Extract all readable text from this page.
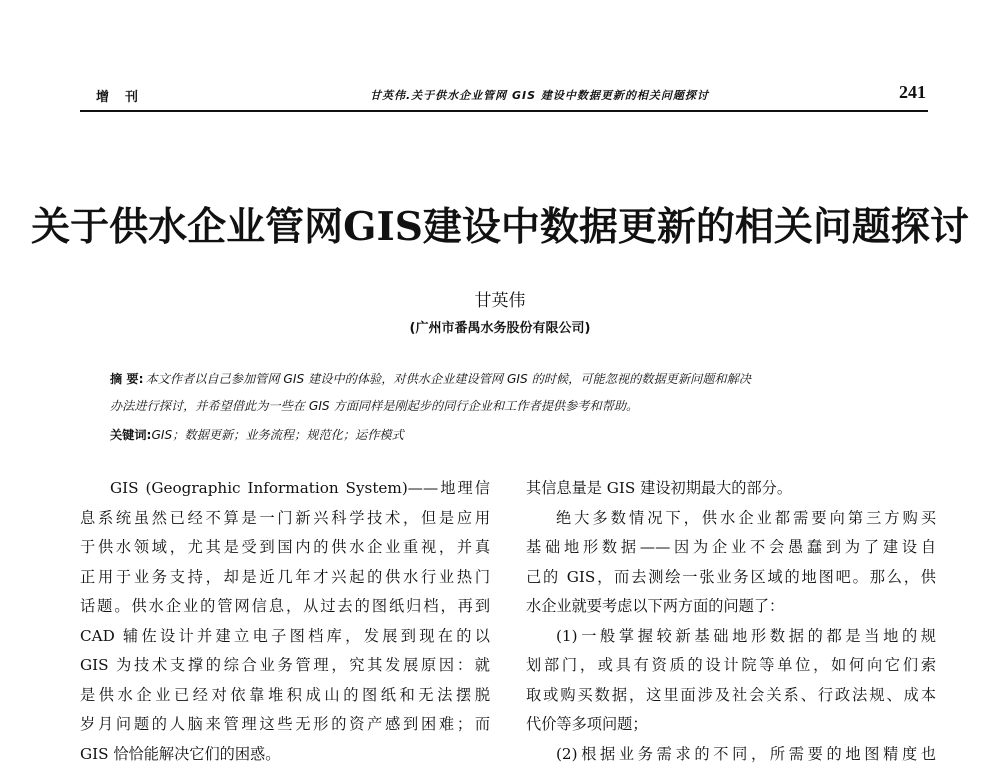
增刊	甘英伟.关于供水企业管网 GIS 建设中数据更新的相关问题探讨	241
关于供水企业管网GIS建设中数据更新的相关问题探讨
甘英伟
(广州市番禺水务股份有限公司)
摘 要: 本文作者以自己参加管网 GIS 建设中的体验，对供水企业建设管网 GIS 的时候，可能忽视的数据更新问题和解决
办法进行探讨，并希望借此为一些在 GIS 方面同样是刚起步的同行企业和工作者提供参考和帮助。
关键词:GIS；数据更新；业务流程；规范化；运作模式
GIS (Geographic Information System)——地理信
息系统虽然已经不算是一门新兴科学技术，但是应用
于供水领域，尤其是受到国内的供水企业重视，并真
正用于业务支持，却是近几年才兴起的供水行业热门
话题。供水企业的管网信息，从过去的图纸归档，再到
CAD 辅佐设计并建立电子图档库，发展到现在的以
GIS 为技术支撑的综合业务管理，究其发展原因：就
是供水企业已经对依靠堆积成山的图纸和无法摆脱
岁月问题的人脑来管理这些无形的资产感到困难；而
GIS 恰恰能解决它们的困惑。
其信息量是 GIS 建设初期最大的部分。
绝大多数情况下，供水企业都需要向第三方购买
基础地形数据——因为企业不会愚蠢到为了建设自
己的 GIS，而去测绘一张业务区域的地图吧。那么，供
水企业就要考虑以下两方面的问题了：
(1)一般掌握较新基础地形数据的都是当地的规
划部门，或具有资质的设计院等单位，如何向它们索
取或购买数据，这里面涉及社会关系、行政法规、成本
代价等多项问题；
(2)根据业务需求的不同，所需要的地图精度也
